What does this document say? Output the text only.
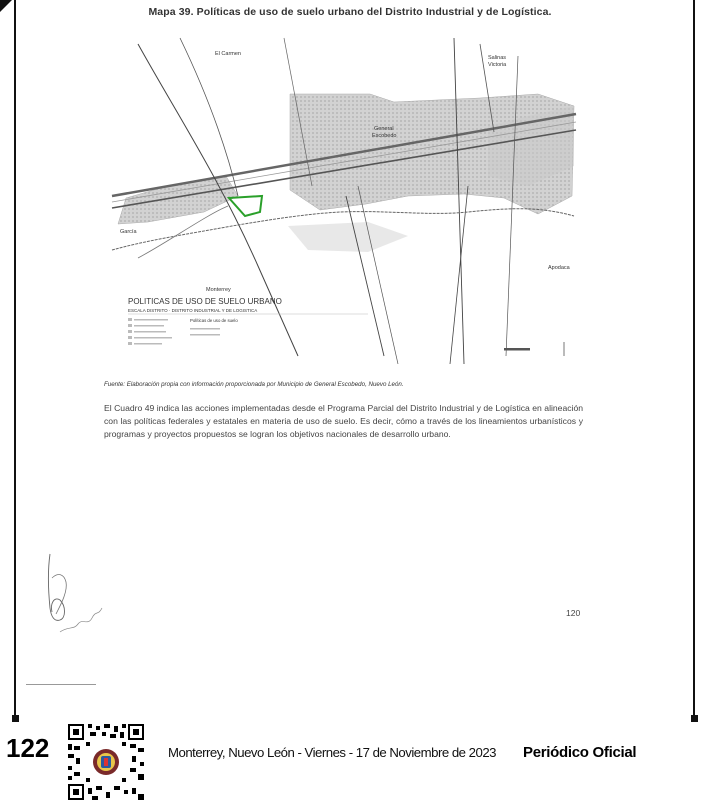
Mapa 39. Políticas de uso de suelo urbano del Distrito Industrial y de Logística.
El Carmen
Salinas
Victoria
General
Escobedo
García
Apodaca
Monterrey
POLITICAS DE USO DE SUELO URBANO
ESCALA DISTRITO · DISTRITO INDUSTRIAL Y DE LOGISTICA
Políticas de uso de suelo
Fuente: Elaboración propia con información proporcionada por Municipio de General Escobedo, Nuevo León.
El Cuadro 49 indica las acciones implementadas desde el Programa Parcial del Distrito Industrial y de Logística en alineación con las políticas federales y estatales en materia de uso de suelo. Es decir, cómo a través de los lineamientos urbanísticos y programas y proyectos propuestos se logran los objetivos nacionales de desarrollo urbano.
120
122	Monterrey, Nuevo León - Viernes - 17 de Noviembre de 2023 Periódico Oficial
